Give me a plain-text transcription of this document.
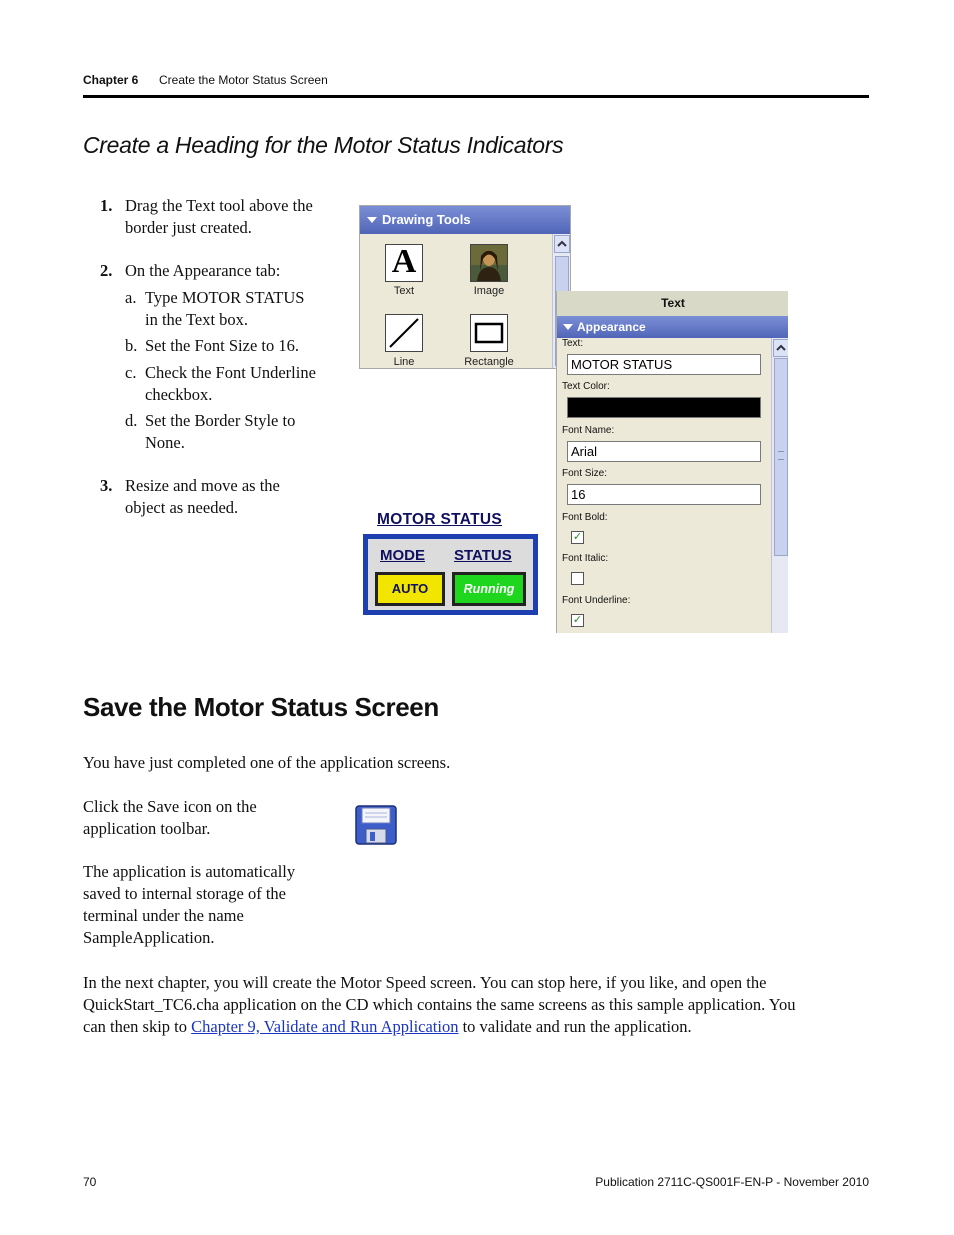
Chapter 6 Create the Motor Status Screen
Create a Heading for the Motor Status Indicators
1. Drag the Text tool above the
border just created.
2. On the Appearance tab:
a. Type MOTOR STATUS
in the Text box.
b. Set the Font Size to 16.
c. Check the Font Underline
checkbox.
d. Set the Border Style to
None.
3. Resize and move as the
object as needed.
Drawing Tools
A
Text	Image
Line	Rectangle
Text
Appearance
Text:
MOTOR STATUS
Text Color:
Font Name:
Arial
Font Size:
16
Font Bold:
✓
Font Italic:
Font Underline:
✓
MOTOR STATUS
MODE STATUS
AUTO	Running
Save the Motor Status Screen
You have just completed one of the application screens.
Click the Save icon on the
application toolbar.
The application is automatically
saved to internal storage of the
terminal under the name
SampleApplication.
In the next chapter, you will create the Motor Speed screen. You can stop here, if you like, and open the
QuickStart_TC6.cha application on the CD which contains the same screens as this sample application. You
can then skip to Chapter 9, Validate and Run Application to validate and run the application.
70	Publication 2711C-QS001F-EN-P - November 2010
